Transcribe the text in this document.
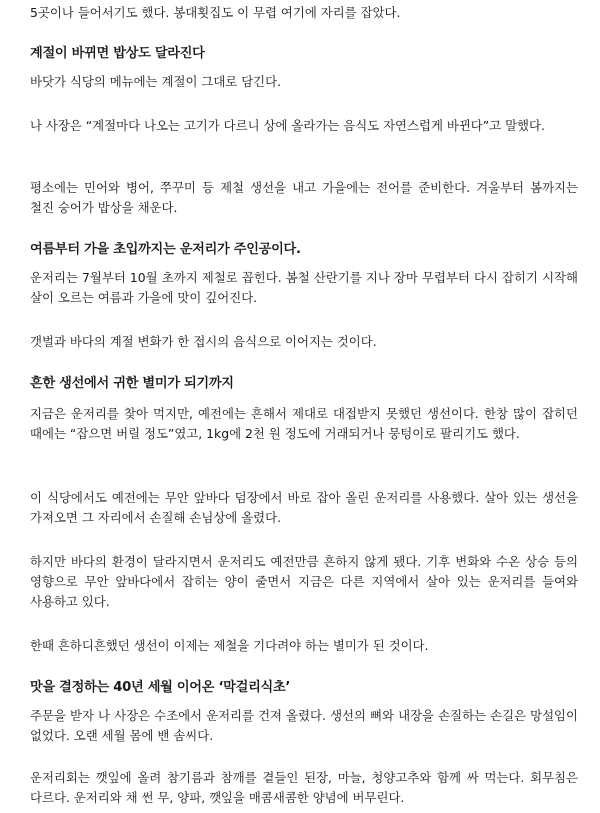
5곳이나 들어서기도 했다. 봉대횟집도 이 무렵 여기에 자리를 잡았다.

계절이 바뀌면 밥상도 달라진다

바닷가 식당의 메뉴에는 계절이 그대로 담긴다.

나 사장은 “계절마다 나오는 고기가 다르니 상에 올라가는 음식도 자연스럽게 바뀐다”고 말했다.

평소에는 민어와 병어, 쭈꾸미 등 제철 생선을 내고 가을에는 전어를 준비한다. 겨울부터 봄까지는 철진 숭어가 밥상을 채운다.

여름부터 가을 초입까지는 운저리가 주인공이다.

운저리는 7월부터 10월 초까지 제철로 꼽힌다. 봄철 산란기를 지나 장마 무렵부터 다시 잡히기 시작해 살이 오르는 여름과 가을에 맛이 깊어진다.

갯벌과 바다의 계절 변화가 한 접시의 음식으로 이어지는 것이다.

흔한 생선에서 귀한 별미가 되기까지

지금은 운저리를 찾아 먹지만, 예전에는 흔해서 제대로 대접받지 못했던 생선이다. 한창 많이 잡히던 때에는 “잡으면 버릴 정도”였고, 1kg에 2천 원 정도에 거래되거나 뭉텅이로 팔리기도 했다.

이 식당에서도 예전에는 무안 앞바다 덤장에서 바로 잡아 올린 운저리를 사용했다. 살아 있는 생선을 가져오면 그 자리에서 손질해 손님상에 올렸다.

하지만 바다의 환경이 달라지면서 운저리도 예전만큼 흔하지 않게 됐다. 기후 변화와 수온 상승 등의 영향으로 무안 앞바다에서 잡히는 양이 줄면서 지금은 다른 지역에서 살아 있는 운저리를 들여와 사용하고 있다.

한때 흔하디흔했던 생선이 이제는 제철을 기다려야 하는 별미가 된 것이다.

맛을 결정하는 40년 세월 이어온 ‘막걸리식초’

주문을 받자 나 사장은 수조에서 운저리를 건져 올렸다. 생선의 뼈와 내장을 손질하는 손길은 망설임이 없었다. 오랜 세월 몸에 밴 솜씨다.

운저리회는 깻잎에 올려 참기름과 참깨를 곁들인 된장, 마늘, 청양고추와 함께 싸 먹는다. 회무침은 다르다. 운저리와 채 썬 무, 양파, 깻잎을 매콤새콤한 양념에 버무린다.
